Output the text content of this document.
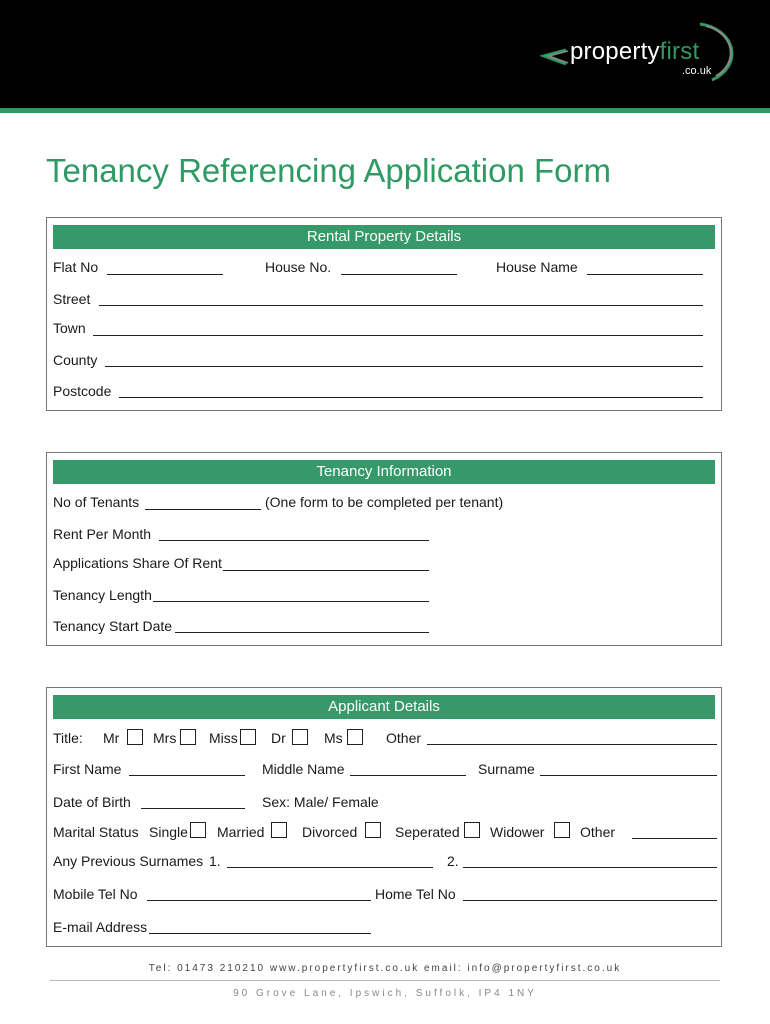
propertyfirst
.co.uk
Tenancy Referencing Application Form
Rental Property Details
Flat No	House No.	House Name
Street
Town
County
Postcode
Tenancy Information
No of Tenants	(One form to be completed per tenant)
Rent Per Month
Applications Share Of Rent
Tenancy Length
Tenancy Start Date
Applicant Details
Title: Mr Mrs Miss Dr	Ms	Other
First Name	Middle Name	Surname
Date of Birth	Sex: Male/ Female
Marital Status Single Married	Divorced	Seperated Widower	Other
Any Previous Surnames 1.	2.
Mobile Tel No	Home Tel No
E-mail Address
Tel: 01473 210210 www.propertyfirst.co.uk email: info@propertyfirst.co.uk
90 Grove Lane, Ipswich, Suffolk, IP4 1NY
